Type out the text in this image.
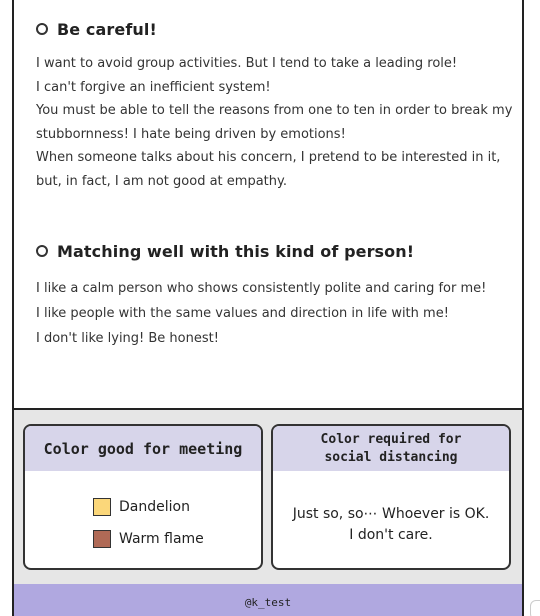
Be careful!
I want to avoid group activities. But I tend to take a leading role!
I can't forgive an inefficient system!
You must be able to tell the reasons from one to ten in order to break my
stubbornness! I hate being driven by emotions!
When someone talks about his concern, I pretend to be interested in it,
but, in fact, I am not good at empathy.
Matching well with this kind of person!
I like a calm person who shows consistently polite and caring for me!
I like people with the same values and direction in life with me!
I don't like lying! Be honest!
Color good for meeting
Dandelion
Warm flame
Color required for
social distancing
Just so, so⋯ Whoever is OK.
I don't care.
@k_test
